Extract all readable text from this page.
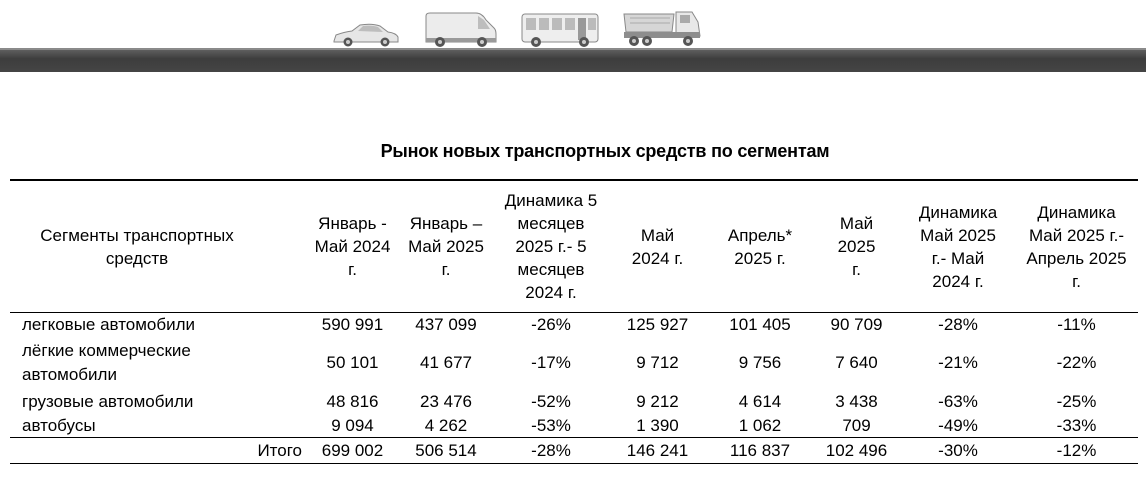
Рынок новых транспортных средств по сегментам
Сегменты транспортных средств	Январь - Май 2024 г.	Январь – Май 2025 г.	Динамика 5 месяцев 2025 г.- 5 месяцев 2024 г.	Май 2024 г.	Апрель* 2025 г.	Май 2025 г.	Динамика Май 2025 г.- Май 2024 г.	Динамика Май 2025 г.- Апрель 2025 г.
легковые автомобили	590 991	437 099	-26%	125 927	101 405	90 709	-28%	-11%
лёгкие коммерческие автомобили	50 101	41 677	-17%	9 712	9 756	7 640	-21%	-22%
грузовые автомобили	48 816	23 476	-52%	9 212	4 614	3 438	-63%	-25%
автобусы	9 094	4 262	-53%	1 390	1 062	709	-49%	-33%
Итого	699 002	506 514	-28%	146 241	116 837	102 496	-30%	-12%
